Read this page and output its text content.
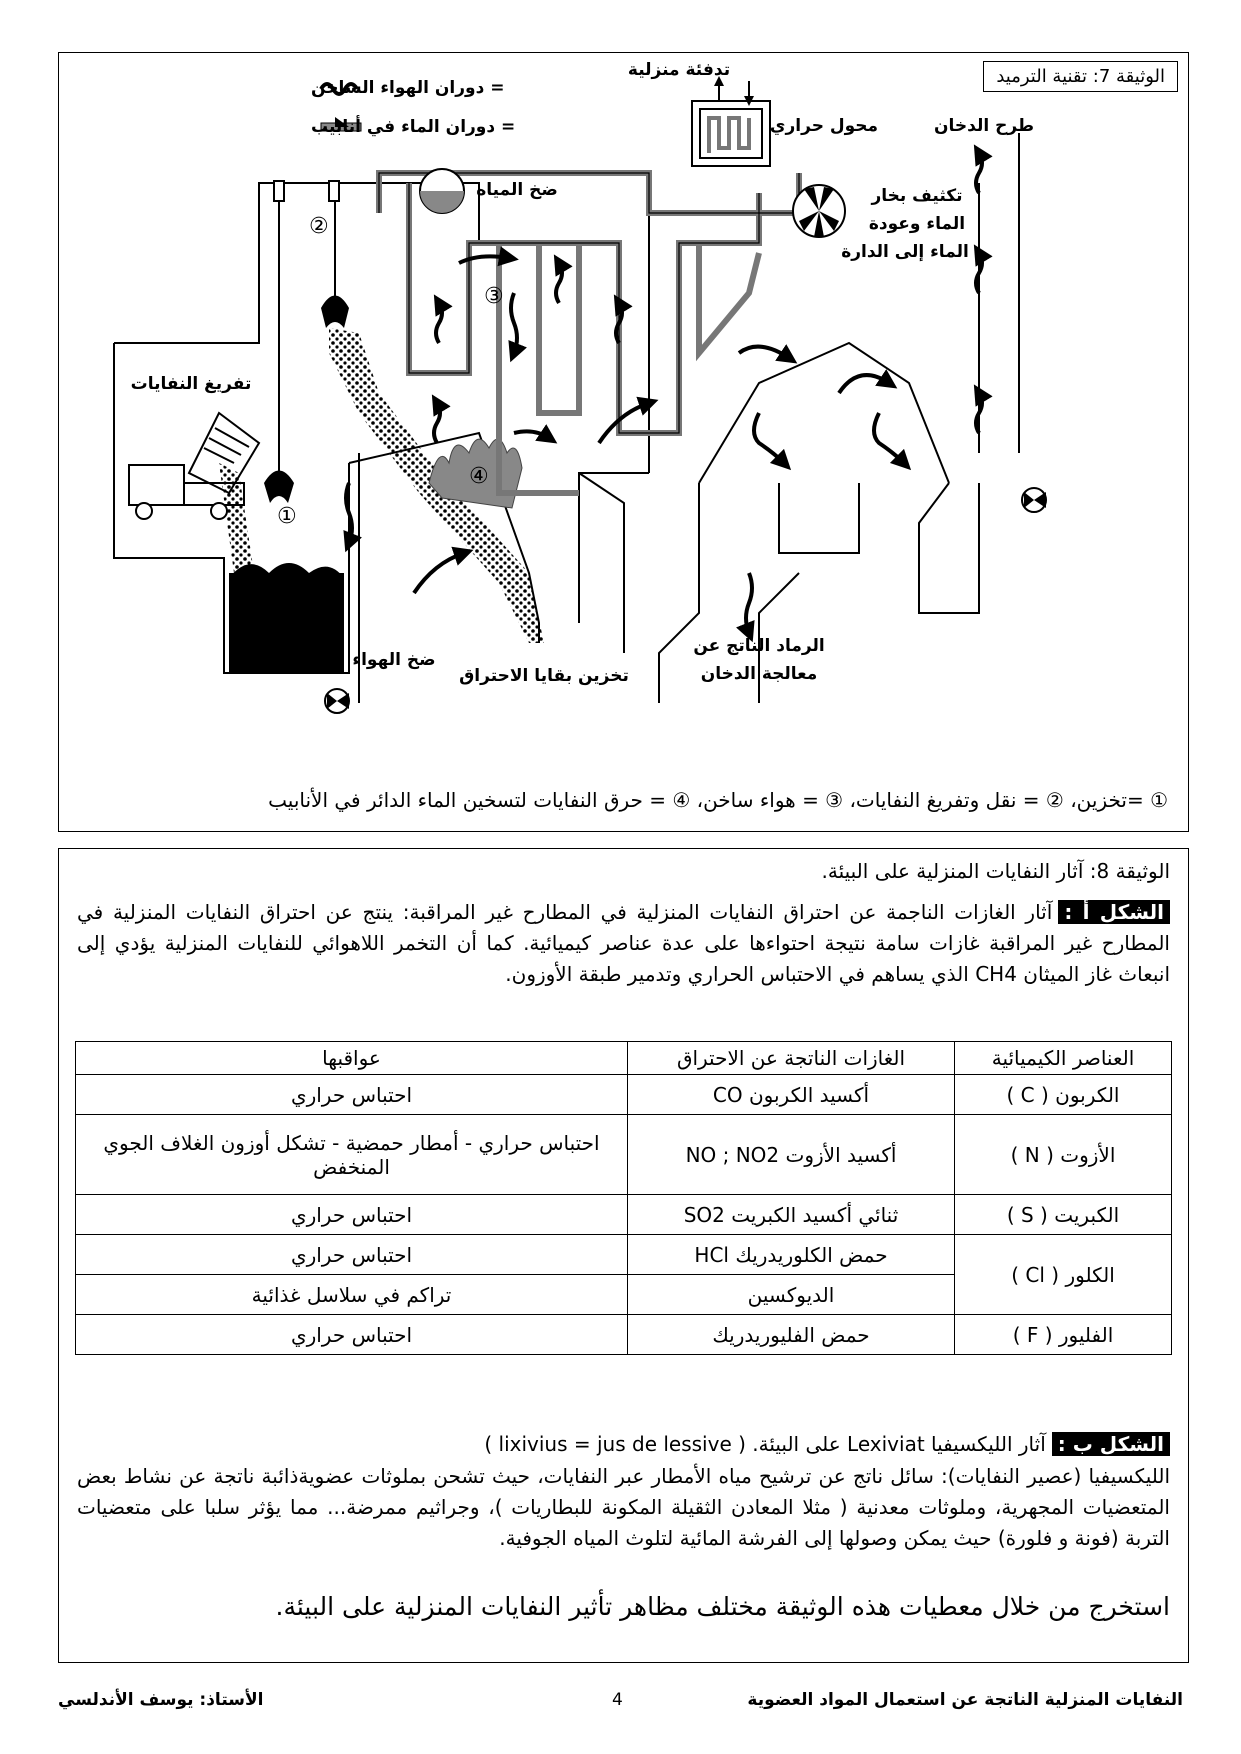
الوثيقة 7: تقنية الترميد
= دوران الهواء الساخن
= دوران الماء في أنابيب
②
①
③
④
تدفئة منزلية
محول حراري	طرح الدخان
ضخ المياه	تكثيف بخار
الماء وعودة
الماء إلى الدارة
تفريغ النفايات
ضخ الهواء
تخزين بقايا الاحتراق
الرماد الناتج عن
معالجة الدخان
① =تخزين، ② = نقل وتفريغ النفايات، ③ = هواء ساخن، ④ = حرق النفايات لتسخين الماء الدائر في الأنابيب
الوثيقة 8: آثار النفايات المنزلية على البيئة.
الشكل أ :آثار الغازات الناجمة عن احتراق النفايات المنزلية في المطارح غير المراقبة: ينتج عن احتراق النفايات المنزلية في المطارح غير المراقبة غازات سامة نتيجة احتواءها على عدة عناصر كيميائية. كما أن التخمر اللاهوائي للنفايات المنزلية يؤدي إلى انبعاث غاز الميثان CH4 الذي يساهم في الاحتباس الحراري وتدمير طبقة الأوزون.
العناصر الكيميائية	الغازات الناتجة عن الاحتراق	عواقبها
الكربون ( C )	أكسيد الكربون CO	احتباس حراري
الأزوت ( N )	أكسيد الأزوت NO ; NO2	احتباس حراري - أمطار حمضية - تشكل أوزون الغلاف الجوي المنخفض
الكبريت ( S )	ثنائي أكسيد الكبريت SO2	احتباس حراري
الكلور ( Cl )	حمض الكلوريدريك HCl	احتباس حراري
	الديوكسين	تراكم في سلاسل غذائية
الفليور ( F )	حمض الفليوريدريك	احتباس حراري
الشكل ب :آثار الليكسيفيا Lexiviat على البيئة. ( lixivius = jus de lessive )
الليكسيفيا (عصير النفايات): سائل ناتج عن ترشيح مياه الأمطار عبر النفايات، حيث تشحن بملوثات عضويةذائبة ناتجة عن نشاط بعض المتعضيات المجهرية، وملوثات معدنية ( مثلا المعادن الثقيلة المكونة للبطاريات )، وجراثيم ممرضة... مما يؤثر سلبا على متعضيات التربة (فونة و فلورة) حيث يمكن وصولها إلى الفرشة المائية لتلوث المياه الجوفية.
استخرج من خلال معطيات هذه الوثيقة مختلف مظاهر تأثير النفايات المنزلية على البيئة.
النفايات المنزلية الناتجة عن استعمال المواد العضوية
4
الأستاذ: يوسف الأندلسي
